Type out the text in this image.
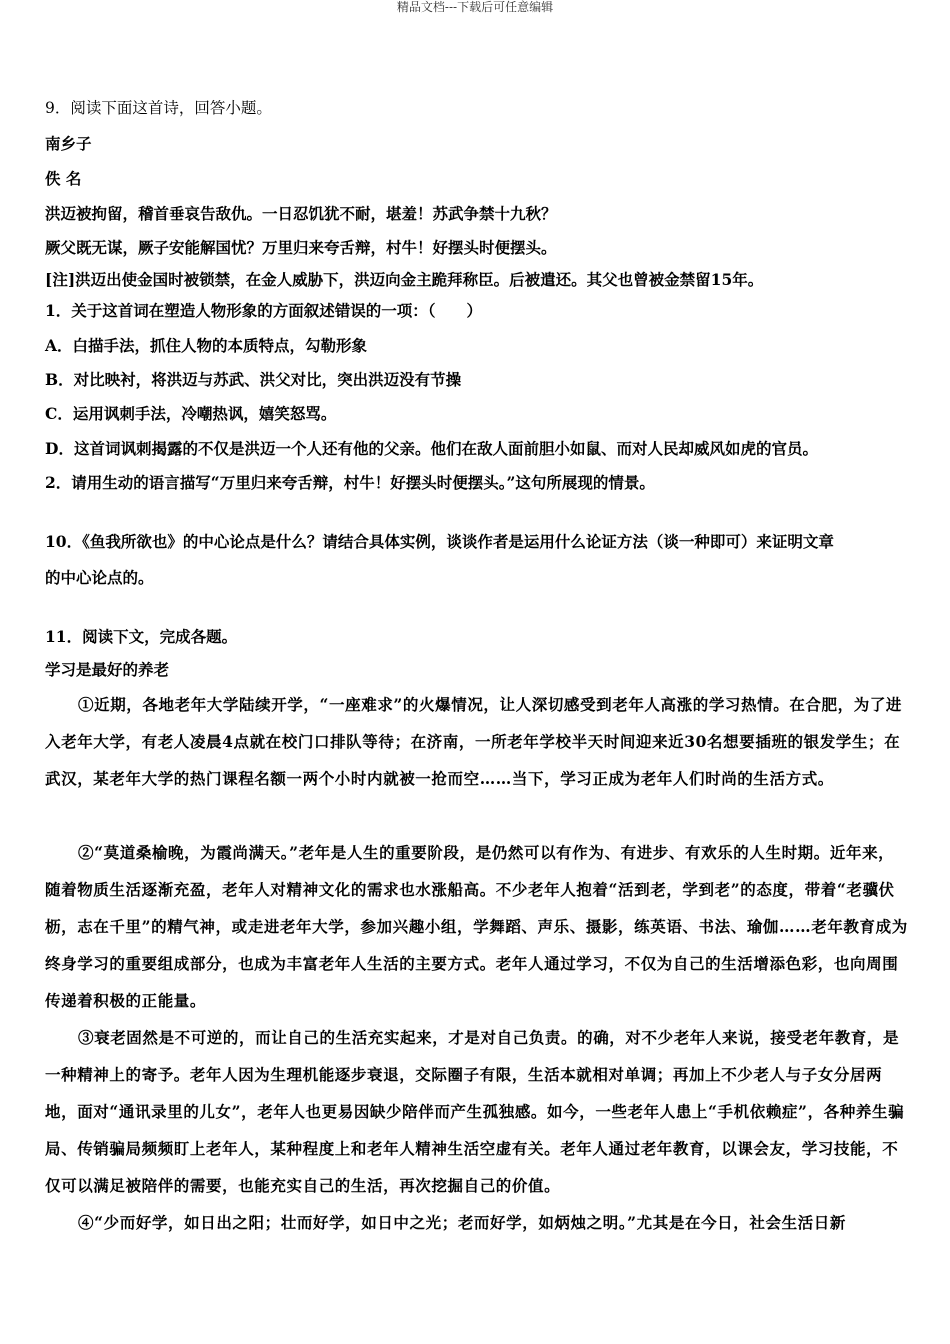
精品文档---下载后可任意编辑
9．阅读下面这首诗，回答小题。
南乡子
佚 名
洪迈被拘留，稽首垂哀告敌仇。一日忍饥犹不耐，堪羞！苏武争禁十九秋？
厥父既无谋，厥子安能解国忧？万里归来夸舌辩，村牛！好摆头时便摆头。
[注]洪迈出使金国时被锁禁，在金人威胁下，洪迈向金主跪拜称臣。后被遣还。其父也曾被金禁留15年。
1．关于这首词在塑造人物形象的方面叙述错误的一项：（　　）
A．白描手法，抓住人物的本质特点，勾勒形象
B．对比映衬，将洪迈与苏武、洪父对比，突出洪迈没有节操
C．运用讽刺手法，冷嘲热讽，嬉笑怒骂。
D．这首词讽刺揭露的不仅是洪迈一个人还有他的父亲。他们在敌人面前胆小如鼠、而对人民却威风如虎的官员。
2．请用生动的语言描写“万里归来夸舌辩，村牛！好摆头时便摆头。”这句所展现的情景。
10．《鱼我所欲也》的中心论点是什么？请结合具体实例，谈谈作者是运用什么论证方法（谈一种即可）来证明文章
的中心论点的。
11．阅读下文，完成各题。
学习是最好的养老
①近期，各地老年大学陆续开学，“一座难求”的火爆情况，让人深切感受到老年人高涨的学习热情。在合肥，为了进入老年大学，有老人凌晨4点就在校门口排队等待；在济南，一所老年学校半天时间迎来近30名想要插班的银发学生；在武汉，某老年大学的热门课程名额一两个小时内就被一抢而空……当下，学习正成为老年人们时尚的生活方式。
②“莫道桑榆晚，为霞尚满天。”老年是人生的重要阶段，是仍然可以有作为、有进步、有欢乐的人生时期。近年来，随着物质生活逐渐充盈，老年人对精神文化的需求也水涨船高。不少老年人抱着“活到老，学到老”的态度，带着“老骥伏枥，志在千里”的精气神，或走进老年大学，参加兴趣小组，学舞蹈、声乐、摄影，练英语、书法、瑜伽……老年教育成为终身学习的重要组成部分，也成为丰富老年人生活的主要方式。老年人通过学习，不仅为自己的生活增添色彩，也向周围传递着积极的正能量。
③衰老固然是不可逆的，而让自己的生活充实起来，才是对自己负责。的确，对不少老年人来说，接受老年教育，是一种精神上的寄予。老年人因为生理机能逐步衰退，交际圈子有限，生活本就相对单调；再加上不少老人与子女分居两地，面对“通讯录里的儿女”，老年人也更易因缺少陪伴而产生孤独感。如今，一些老年人患上“手机依赖症”，各种养生骗局、传销骗局频频盯上老年人，某种程度上和老年人精神生活空虚有关。老年人通过老年教育，以课会友，学习技能，不仅可以满足被陪伴的需要，也能充实自己的生活，再次挖掘自己的价值。
④“少而好学，如日出之阳；壮而好学，如日中之光；老而好学，如炳烛之明。”尤其是在今日，社会生活日新
